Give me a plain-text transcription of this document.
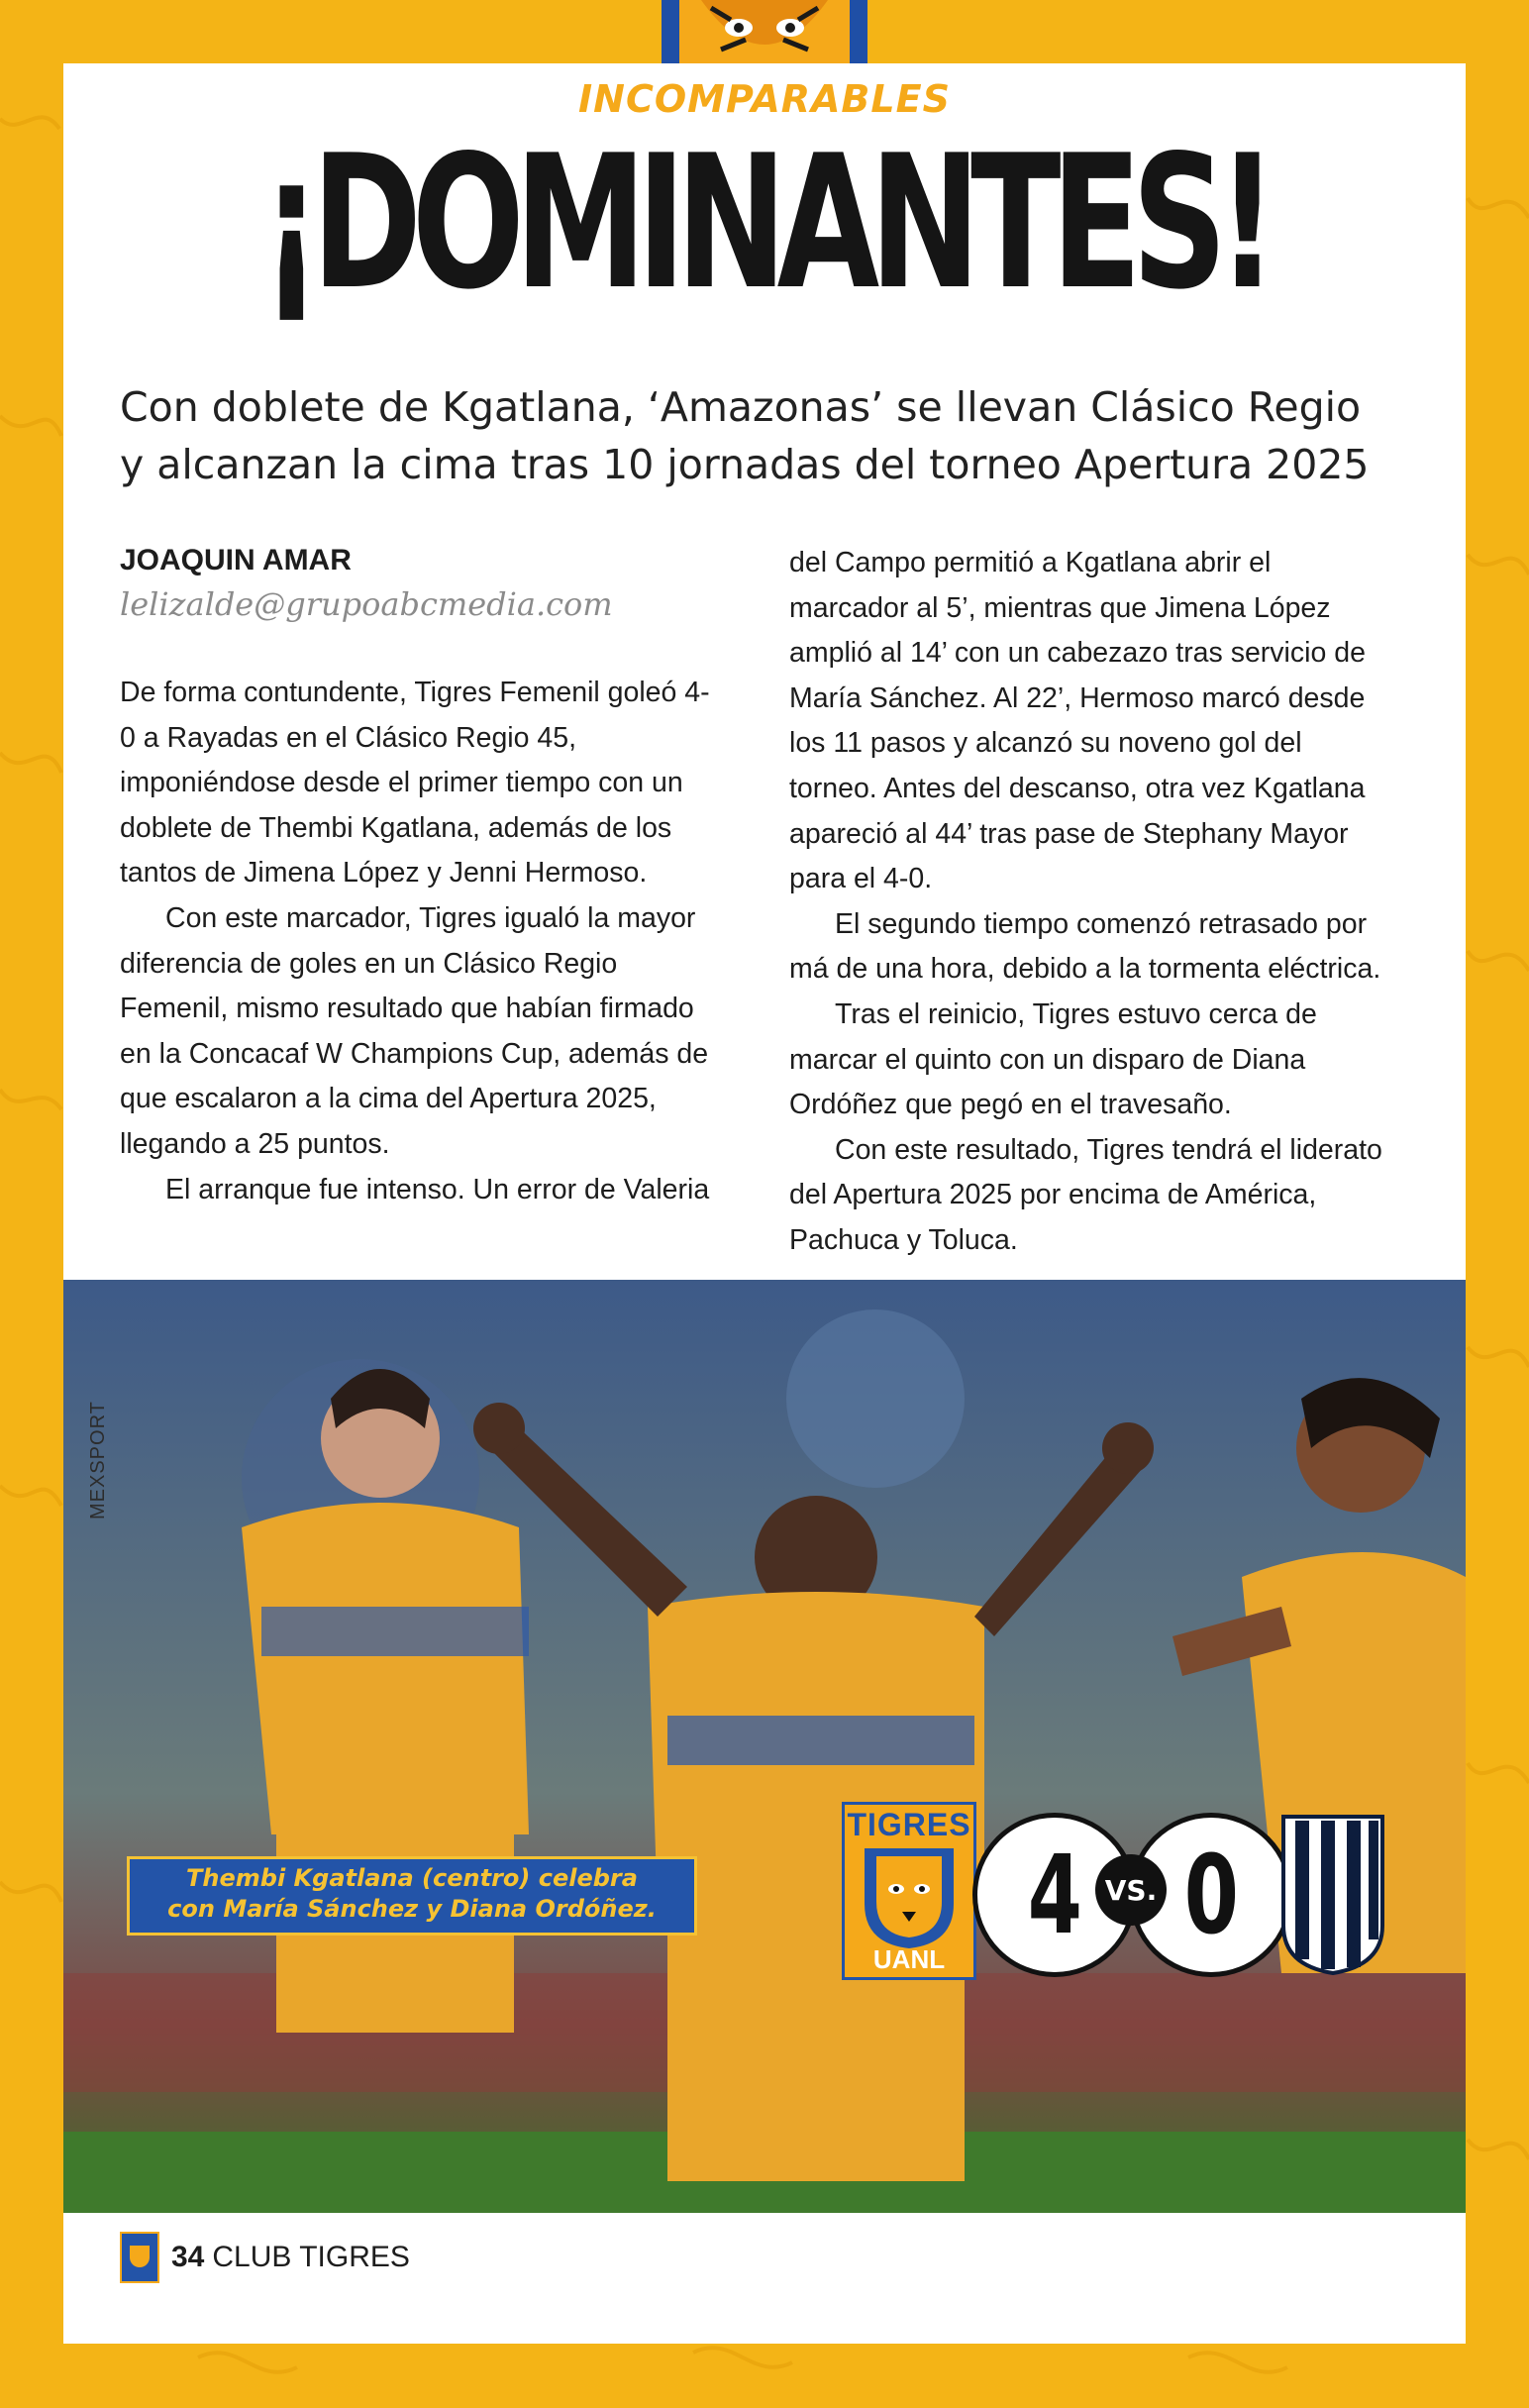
INCOMPARABLES
¡DOMINANTES!
Con doblete de Kgatlana, ‘Amazonas’ se llevan Clásico Regio
y alcanzan la cima tras 10 jornadas del torneo Apertura 2025
JOAQUIN AMAR
lelizalde@grupoabcmedia.com

De forma contundente, Tigres Femenil goleó 4-0 a Rayadas en el Clásico Regio 45, imponiéndose desde el primer tiempo con un doblete de Thembi Kgatlana, además de los tantos de Jimena López y Jenni Hermoso.

Con este marcador, Tigres igualó la mayor diferencia de goles en un Clásico Regio Femenil, mismo resultado que habían firmado en la Concacaf W Champions Cup, además de que escalaron a la cima del Apertura 2025, llegando a 25 puntos.

El arranque fue intenso. Un error de Valeria

del Campo permitió a Kgatlana abrir el marcador al 5’, mientras que Jimena López amplió al 14’ con un cabezazo tras servicio de María Sánchez. Al 22’, Hermoso marcó desde los 11 pasos y alcanzó su noveno gol del torneo. Antes del descanso, otra vez Kgatlana apareció al 44’ tras pase de Stephany Mayor para el 4-0.

El segundo tiempo comenzó retrasado por má de una hora, debido a la tormenta eléctrica.

Tras el reinicio, Tigres estuvo cerca de marcar el quinto con un disparo de Diana Ordóñez que pegó en el travesaño.

Con este resultado, Tigres tendrá el liderato del Apertura 2025 por encima de América, Pachuca y Toluca.

MEXSPORT
Thembi Kgatlana (centro) celebra
con María Sánchez y Diana Ordóñez.
TIGRES
UANL
4 VS. 0
34 CLUB TIGRES
